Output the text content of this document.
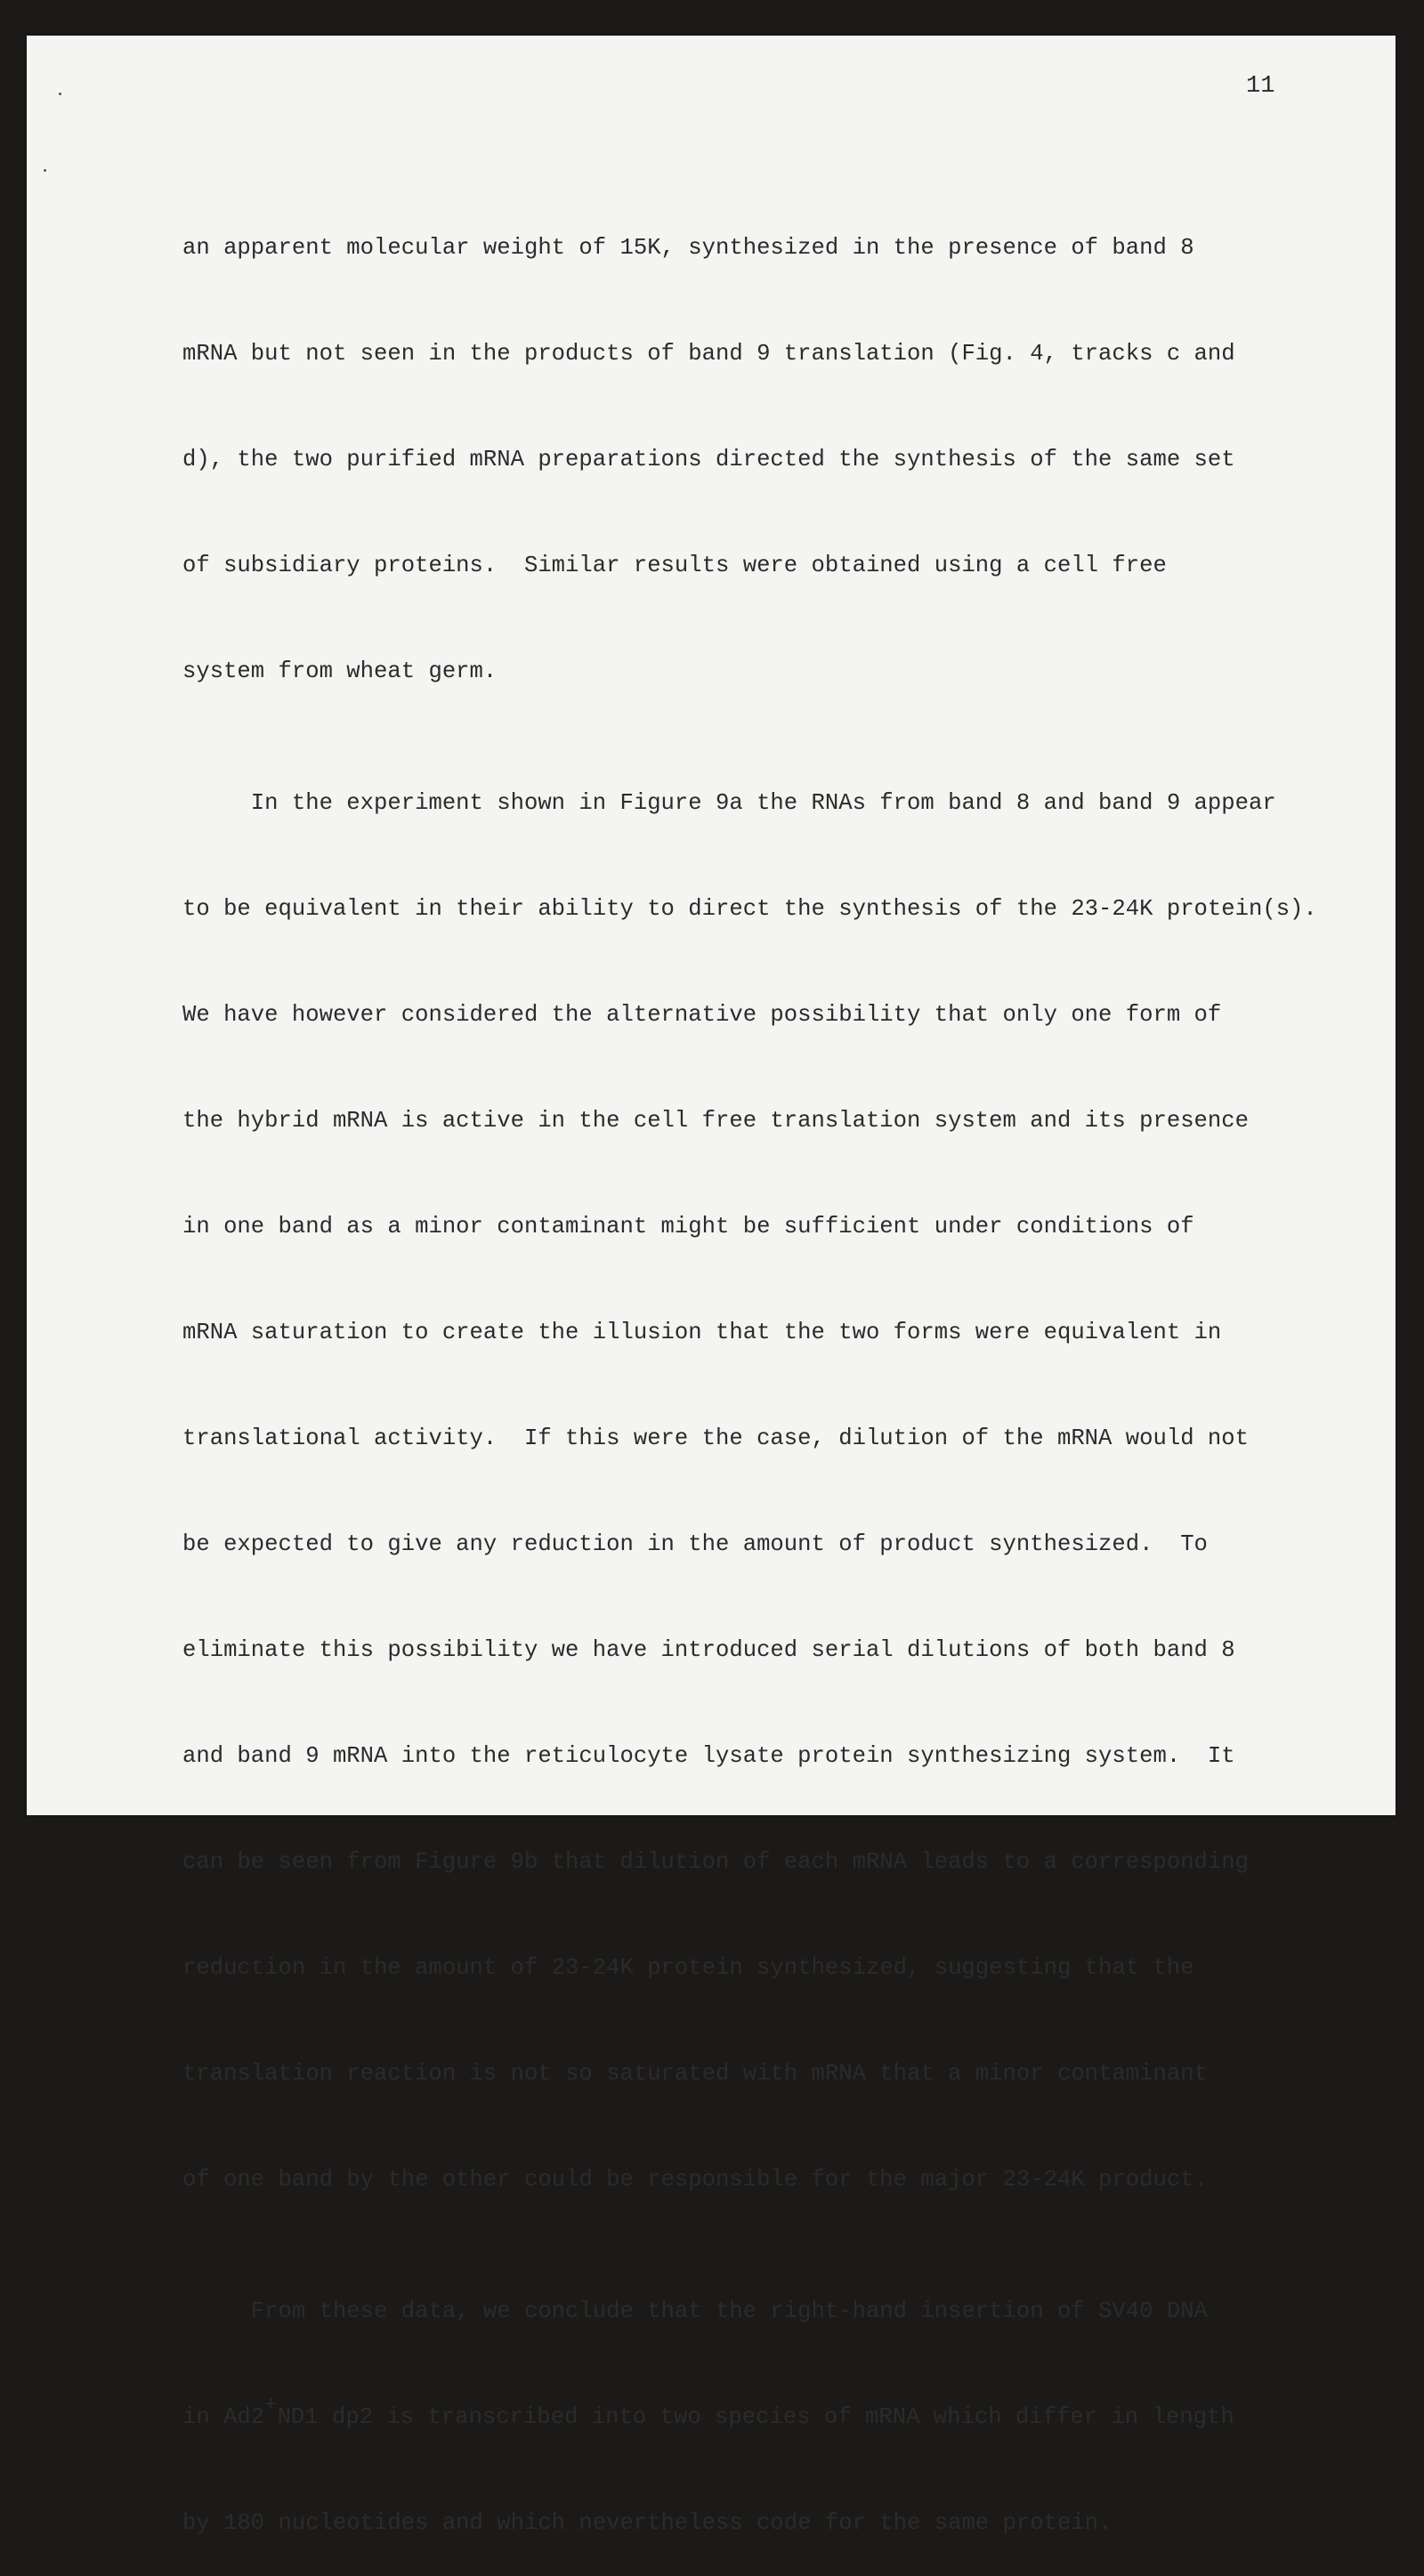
11

an apparent molecular weight of 15K, synthesized in the presence of band 8

mRNA but not seen in the products of band 9 translation (Fig. 4, tracks c and

d), the two purified mRNA preparations directed the synthesis of the same set

of subsidiary proteins.  Similar results were obtained using a cell free

system from wheat germ.

In the experiment shown in Figure 9a the RNAs from band 8 and band 9 appear

to be equivalent in their ability to direct the synthesis of the 23-24K protein(s).

We have however considered the alternative possibility that only one form of

the hybrid mRNA is active in the cell free translation system and its presence

in one band as a minor contaminant might be sufficient under conditions of

mRNA saturation to create the illusion that the two forms were equivalent in

translational activity.  If this were the case, dilution of the mRNA would not

be expected to give any reduction in the amount of product synthesized.  To

eliminate this possibility we have introduced serial dilutions of both band 8

and band 9 mRNA into the reticulocyte lysate protein synthesizing system.  It

can be seen from Figure 9b that dilution of each mRNA leads to a corresponding

reduction in the amount of 23-24K protein synthesized, suggesting that the

translation reaction is not so saturated with mRNA that a minor contaminant

of one band by the other could be responsible for the major 23-24K product.

From these data, we conclude that the right-hand insertion of SV40 DNA

in Ad2+ND1 dp2 is transcribed into two species of mRNA which differ in length

by 180 nucleotides and which nevertheless code for the same protein.
